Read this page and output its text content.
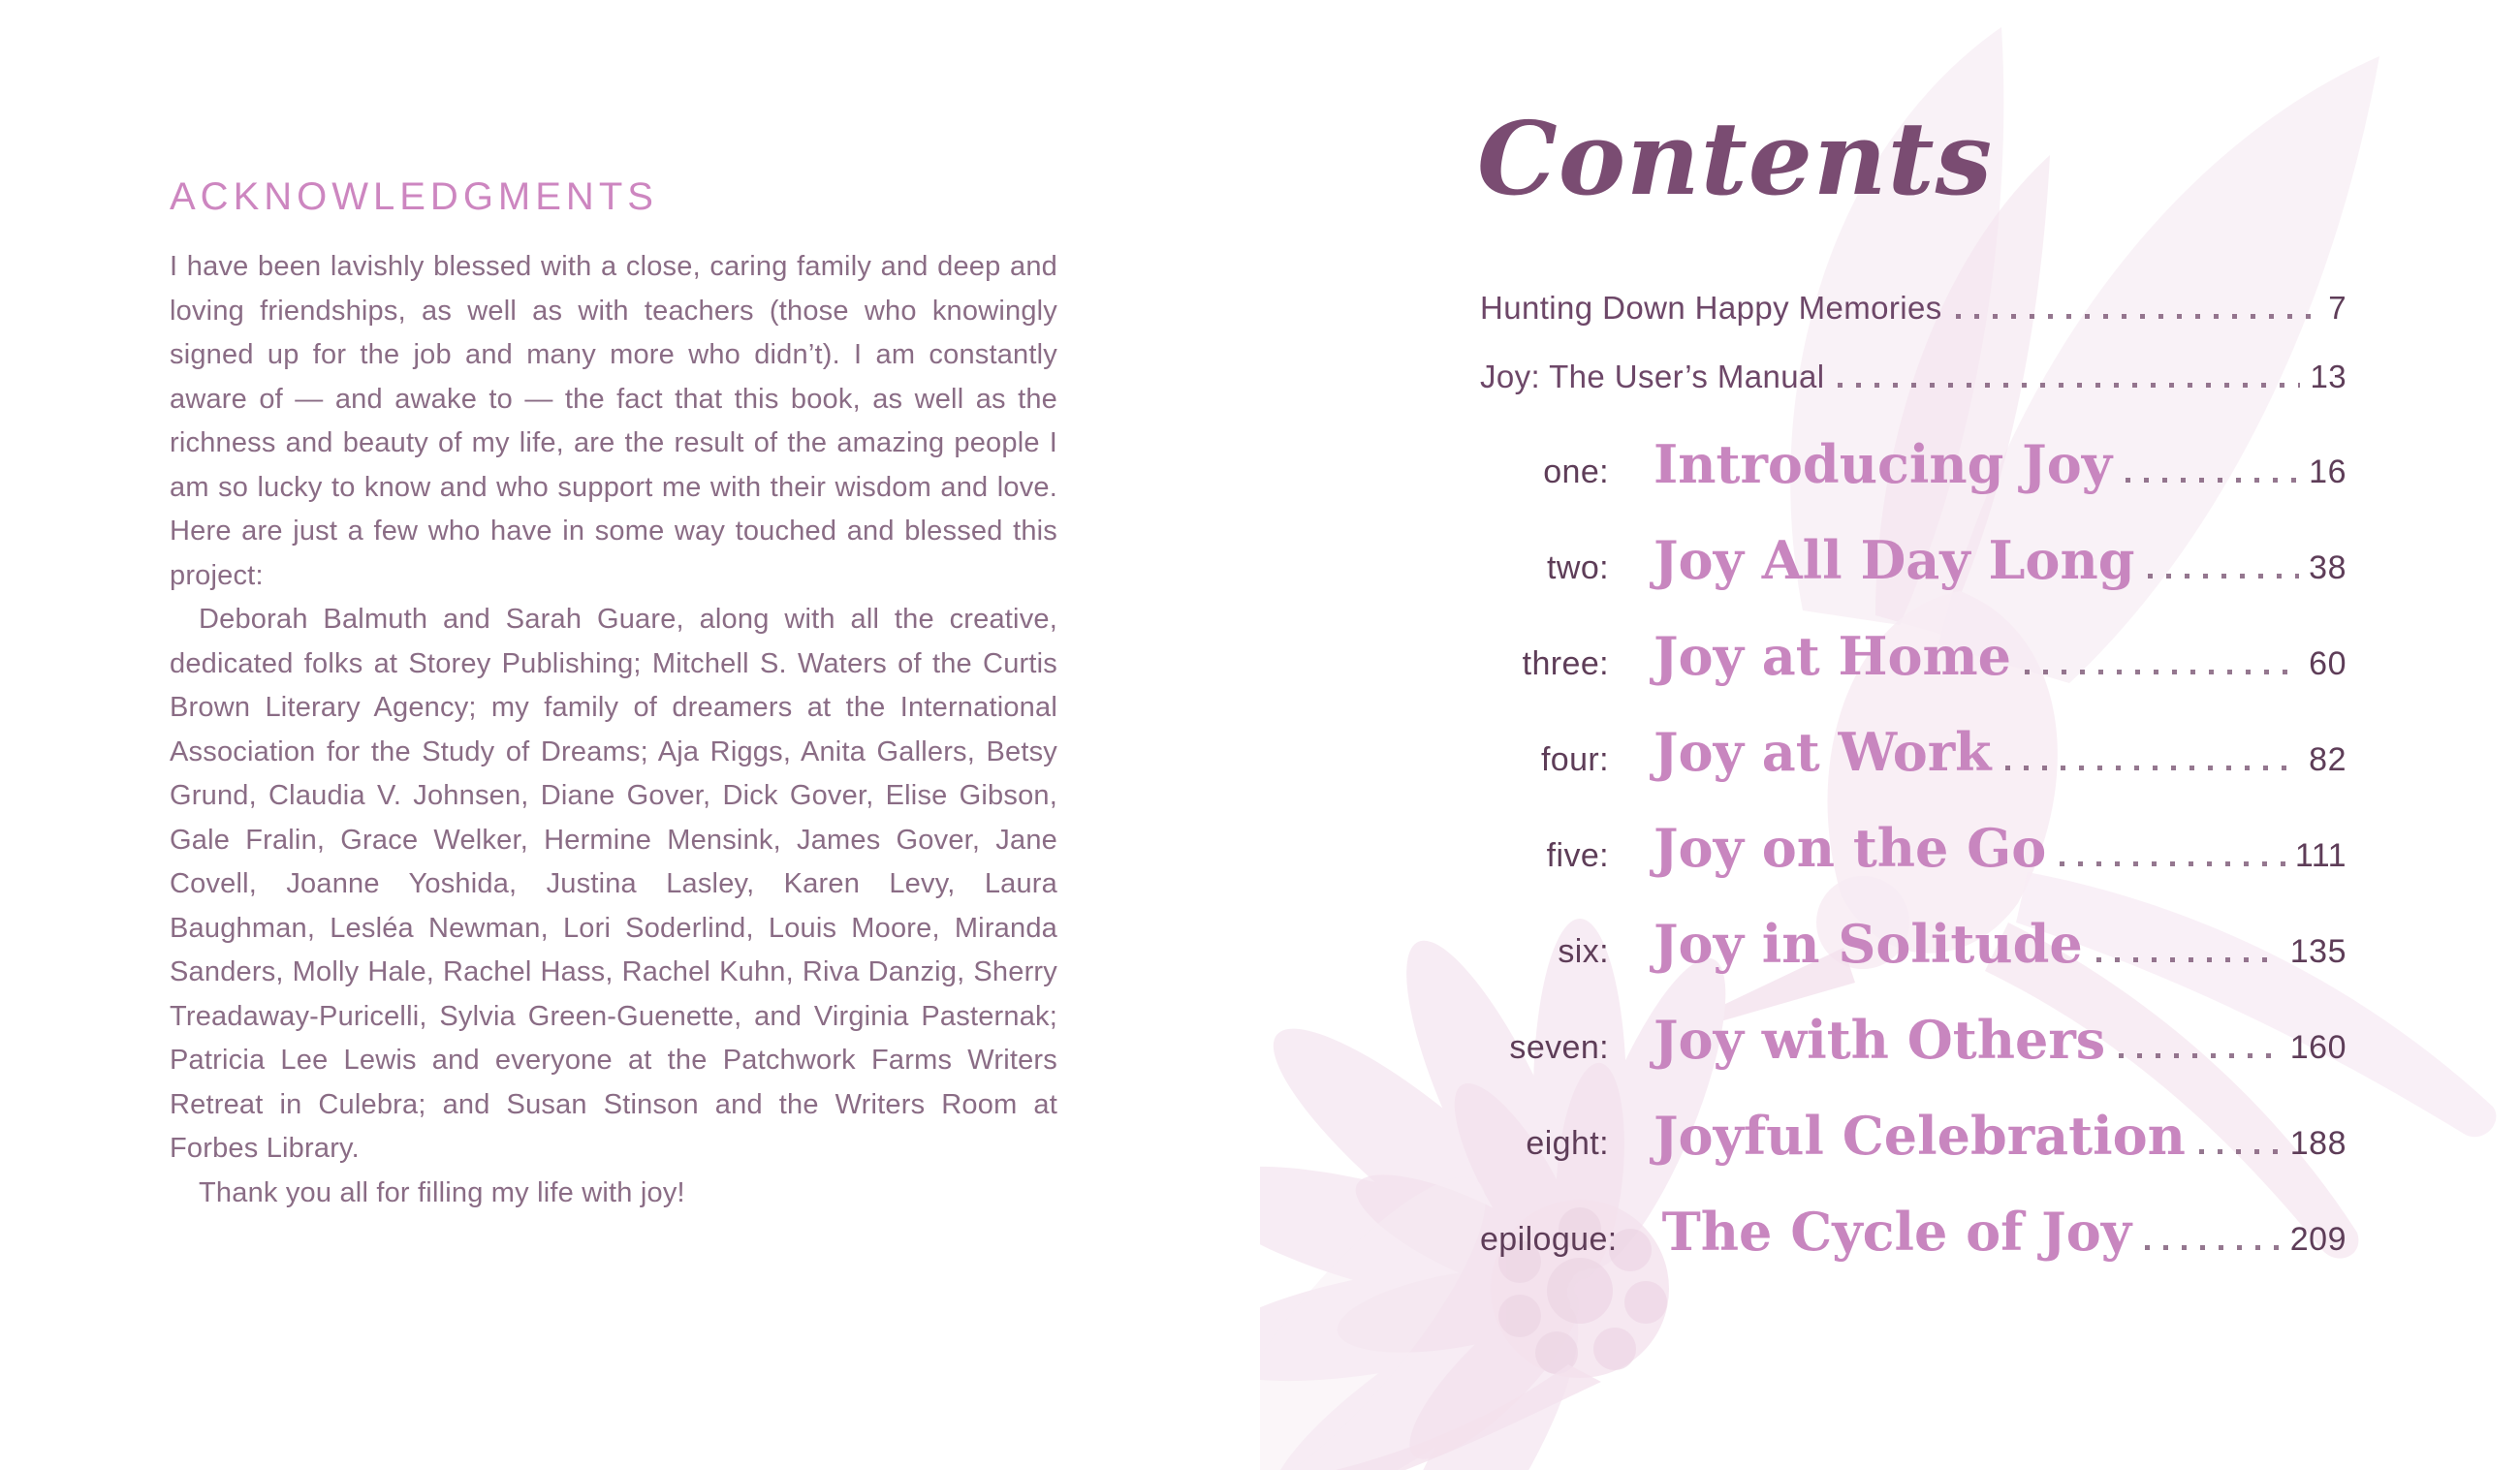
ACKNOWLEDGMENTS

I have been lavishly blessed with a close, caring family and deep and loving friendships, as well as with teachers (those who knowingly signed up for the job and many more who didn’t). I am constantly aware of — and awake to — the fact that this book, as well as the richness and beauty of my life, are the result of the amazing people I am so lucky to know and who support me with their wisdom and love. Here are just a few who have in some way touched and blessed this project:

Deborah Balmuth and Sarah Guare, along with all the creative, dedicated folks at Storey Publishing; Mitchell S. Waters of the Curtis Brown Literary Agency; my family of dreamers at the International Association for the Study of Dreams; Aja Riggs, Anita Gallers, Betsy Grund, Claudia V. Johnsen, Diane Gover, Dick Gover, Elise Gibson, Gale Fralin, Grace Welker, Hermine Mensink, James Gover, Jane Covell, Joanne Yoshida, Justina Lasley, Karen Levy, Laura Baughman, Lesléa Newman, Lori Soderlind, Louis Moore, Miranda Sanders, Molly Hale, Rachel Hass, Rachel Kuhn, Riva Danzig, Sherry Treadaway-Puricelli, Sylvia Green-Guenette, and Virginia Pasternak; Patricia Lee Lewis and everyone at the Patchwork Farms Writers Retreat in Culebra; and Susan Stinson and the Writers Room at Forbes Library.

Thank you all for filling my life with joy!

Contents
Hunting Down Happy Memories	7
Joy: The User’s Manual	13
one: Introducing Joy	16
two: Joy All Day Long	38
three: Joy at Home	60
four: Joy at Work	82
five: Joy on the Go	111
six: Joy in Solitude	135
seven: Joy with Others	160
eight: Joyful Celebration	188
epilogue: The Cycle of Joy	209
